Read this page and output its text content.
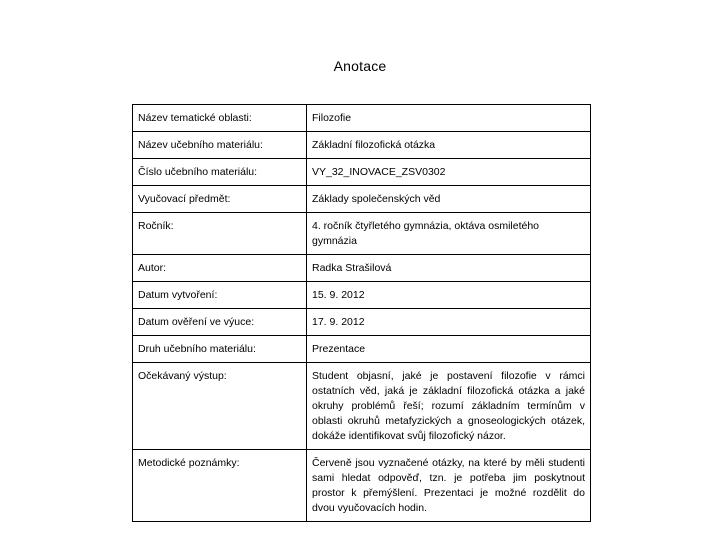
Anotace
Název tematické oblasti:	Filozofie
Název učebního materiálu:	Základní filozofická otázka
Číslo učebního materiálu:	VY_32_INOVACE_ZSV0302
Vyučovací předmět:	Základy společenských věd
Ročník:	4. ročník čtyřletého gymnázia, oktáva osmiletého gymnázia
Autor:	Radka Strašilová
Datum vytvoření:	15. 9. 2012
Datum ověření ve výuce:	17. 9. 2012
Druh učebního materiálu:	Prezentace
Očekávaný výstup:	Student objasní, jaké je postavení filozofie v rámci ostatních věd, jaká je základní filozofická otázka a jaké okruhy problémů řeší; rozumí základním termínům v oblasti okruhů metafyzických a gnoseologických otázek, dokáže identifikovat svůj filozofický názor.
Metodické poznámky:	Červeně jsou vyznačené otázky, na které by měli studenti sami hledat odpověď, tzn. je potřeba jim poskytnout prostor k přemýšlení. Prezentaci je možné rozdělit do dvou vyučovacích hodin.
